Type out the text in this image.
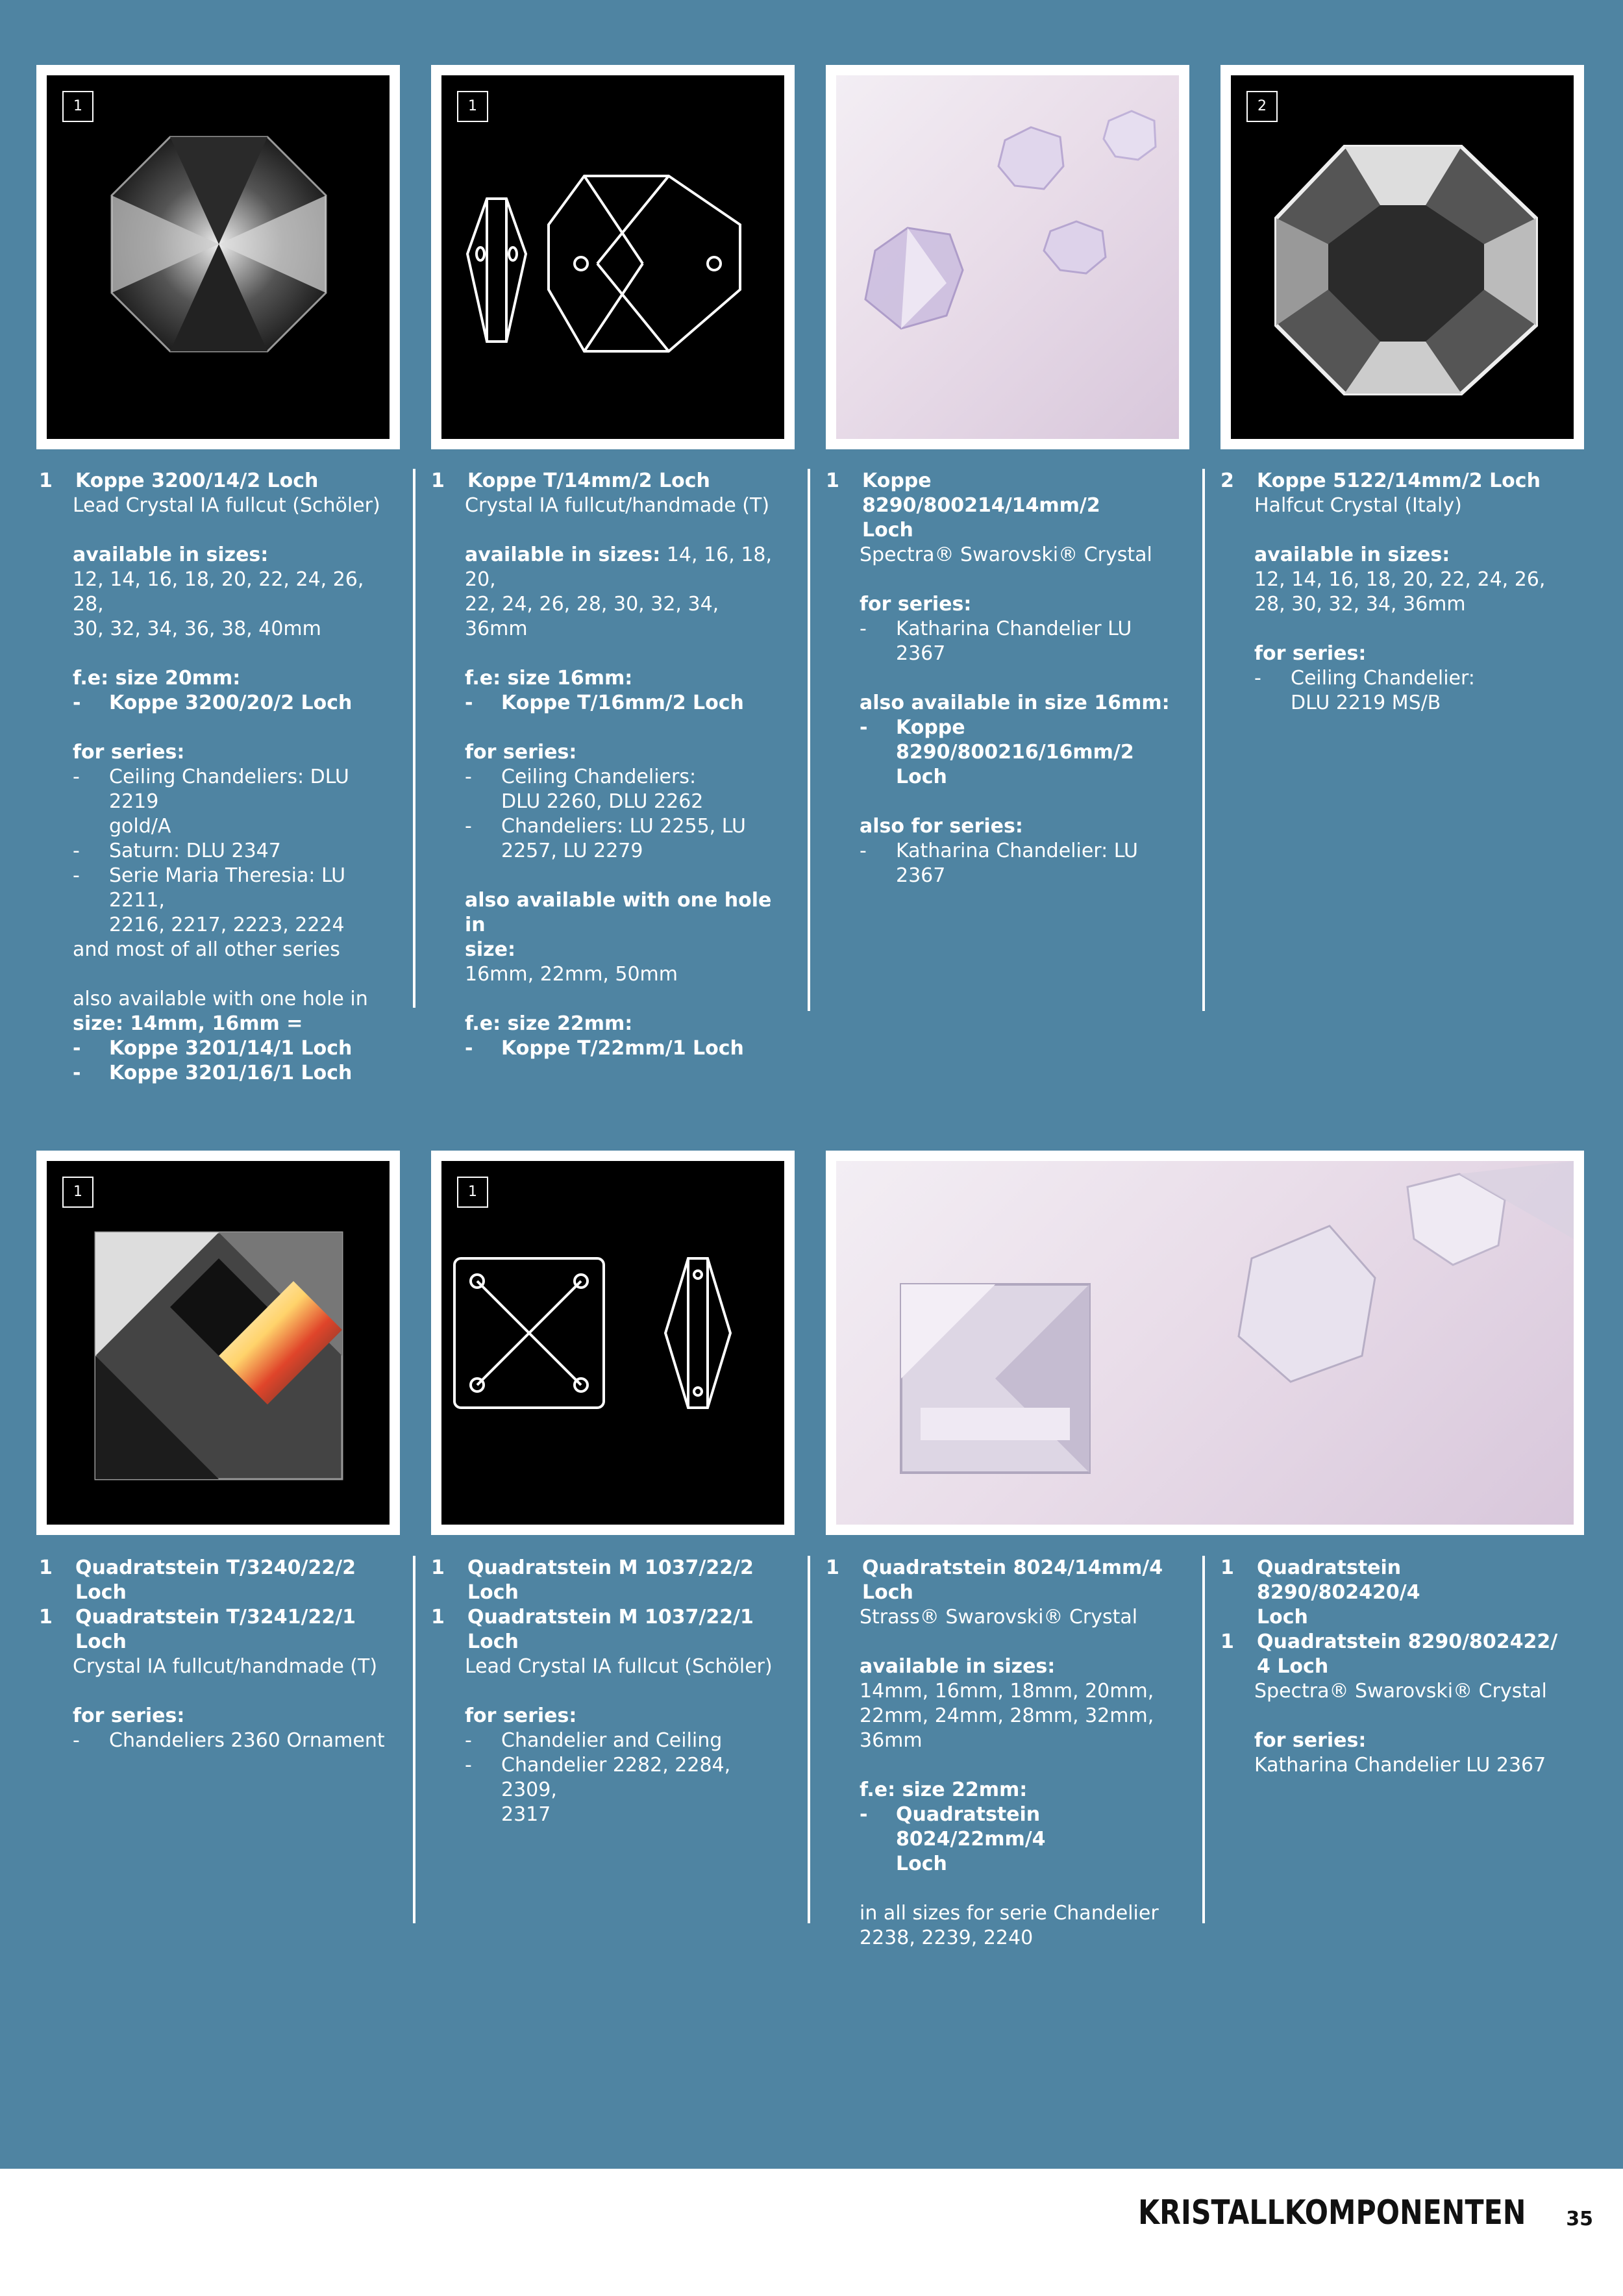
1	1	2
1	Koppe 3200/14/2 Loch
Lead Crystal IA fullcut (Schöler)
available in sizes:
12, 14, 16, 18, 20, 22, 24, 26, 28,
30, 32, 34, 36, 38, 40mm
f.e: size 20mm:
-	Koppe 3200/20/2 Loch
for series:
-	Ceiling Chandeliers: DLU 2219
gold/A
-	Saturn: DLU 2347
-	Serie Maria Theresia: LU 2211,
2216, 2217, 2223, 2224
and most of all other series
also available with one hole in
size: 14mm, 16mm =
-	Koppe 3201/14/1 Loch
-	Koppe 3201/16/1 Loch
1	Koppe T/14mm/2 Loch
Crystal IA fullcut/handmade (T)
available in sizes: 14, 16, 18, 20,
22, 24, 26, 28, 30, 32, 34, 36mm
f.e: size 16mm:
-	Koppe T/16mm/2 Loch
for series:
-	Ceiling Chandeliers:
DLU 2260, DLU 2262
-	Chandeliers: LU 2255, LU
2257, LU 2279
also available with one hole in
size:
16mm, 22mm, 50mm
f.e: size 22mm:
-	Koppe T/22mm/1 Loch
1	Koppe 8290/800214/14mm/2
Loch
Spectra® Swarovski® Crystal
for series:
-	Katharina Chandelier LU 2367
also available in size 16mm:
-	Koppe 8290/800216/16mm/2
Loch
also for series:
-	Katharina Chandelier: LU 2367
2	Koppe 5122/14mm/2 Loch
Halfcut Crystal (Italy)
available in sizes:
12, 14, 16, 18, 20, 22, 24, 26,
28, 30, 32, 34, 36mm
for series:
-	Ceiling Chandelier:
DLU 2219 MS/B
1	1
1	Quadratstein T/3240/22/2 Loch
1	Quadratstein T/3241/22/1 Loch
Crystal IA fullcut/handmade (T)
for series:
-	Chandeliers 2360 Ornament
1	Quadratstein M 1037/22/2 Loch
1	Quadratstein M 1037/22/1 Loch
Lead Crystal IA fullcut (Schöler)
for series:
-	Chandelier and Ceiling
-	Chandelier 2282, 2284, 2309,
2317
1	Quadratstein 8024/14mm/4 Loch
Strass® Swarovski® Crystal
available in sizes:
14mm, 16mm, 18mm, 20mm,
22mm, 24mm, 28mm, 32mm,
36mm
f.e: size 22mm:
-	Quadratstein 8024/22mm/4
Loch
in all sizes for serie Chandelier
2238, 2239, 2240
1	Quadratstein 8290/802420/4
Loch
1	Quadratstein 8290/802422/
4 Loch
Spectra® Swarovski® Crystal
for series:
Katharina Chandelier LU 2367
KRISTALLKOMPONENTEN 35
